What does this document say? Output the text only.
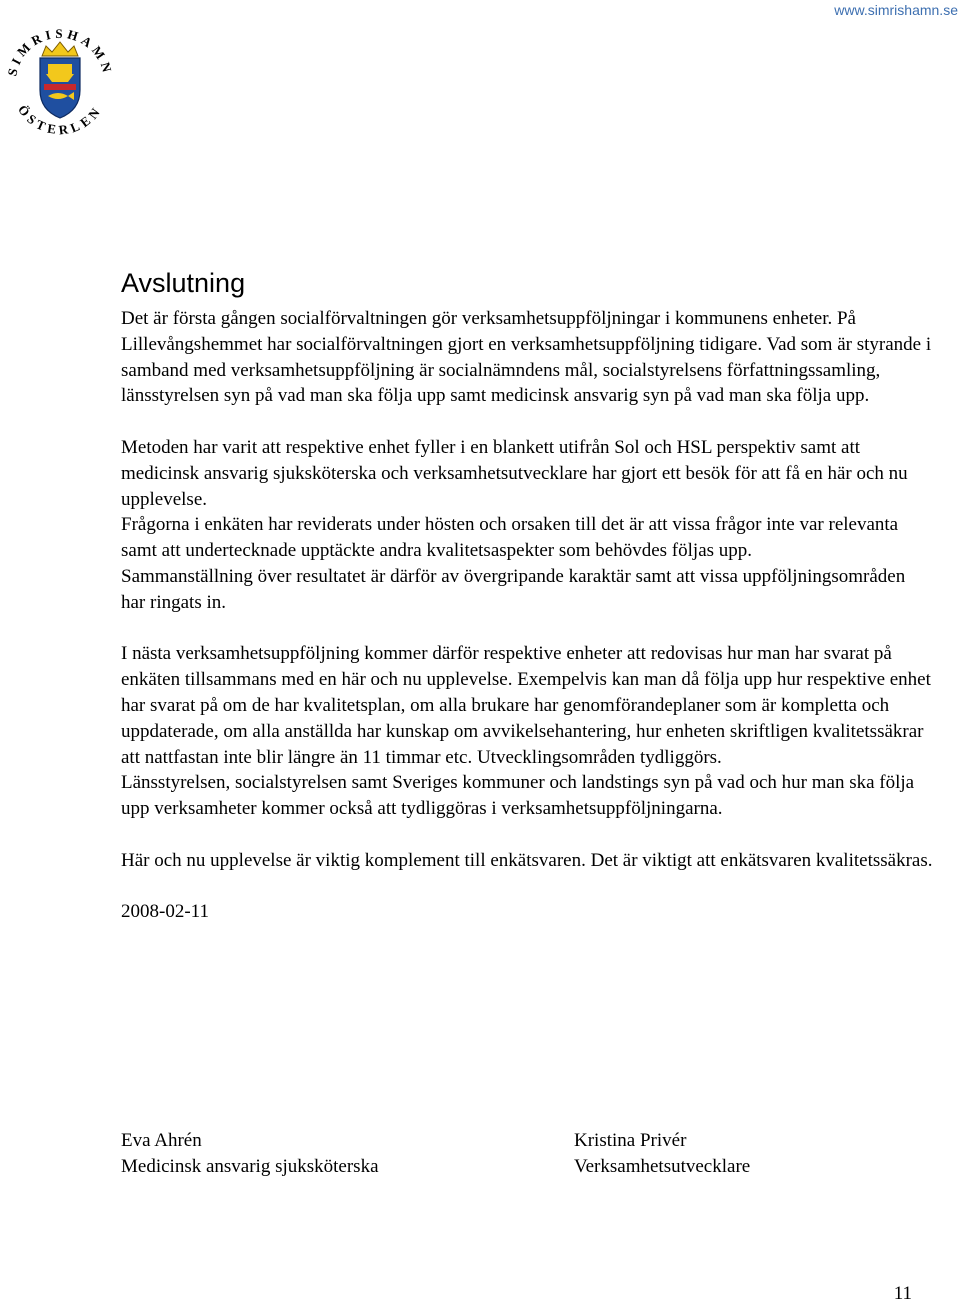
www.simrishamn.se
SIMRISHAMN
ÖSTERLEN
Avslutning

Det är första gången socialförvaltningen gör verksamhetsuppföljningar i kommunens enheter. På Lillevångshemmet har socialförvaltningen gjort en verksamhetsuppföljning tidigare. Vad som är styrande i samband med verksamhetsuppföljning är socialnämndens mål, socialstyrelsens författningssamling, länsstyrelsen syn på vad man ska följa upp samt medicinsk ansvarig syn på vad man ska följa upp.

Metoden har varit att respektive enhet fyller i en blankett utifrån Sol och HSL perspektiv samt att medicinsk ansvarig sjuksköterska och verksamhetsutvecklare har gjort ett besök för att få en här och nu upplevelse.

Frågorna i enkäten har reviderats under hösten och orsaken till det är att vissa frågor inte var relevanta samt att undertecknade upptäckte andra kvalitetsaspekter som behövdes följas upp.

Sammanställning över resultatet är därför av övergripande karaktär samt att vissa uppföljningsområden har ringats in.

I nästa verksamhetsuppföljning kommer därför respektive enheter att redovisas hur man har svarat på enkäten tillsammans med en här och nu upplevelse. Exempelvis kan man då följa upp hur respektive enhet har svarat på om de har kvalitetsplan, om alla brukare har genomförandeplaner som är kompletta och uppdaterade, om alla anställda har kunskap om avvikelsehantering, hur enheten skriftligen kvalitetssäkrar att nattfastan inte blir längre än 11 timmar etc. Utvecklingsområden tydliggörs.

Länsstyrelsen, socialstyrelsen samt Sveriges kommuner och landstings syn på vad och hur man ska följa upp verksamheter kommer också att tydliggöras i verksamhetsuppföljningarna.

Här och nu upplevelse är viktig komplement till enkätsvaren. Det är viktigt att enkätsvaren kvalitetssäkras.

2008-02-11

Eva Ahrén
Medicinsk ansvarig sjuksköterska
Kristina Privér
Verksamhetsutvecklare
11
